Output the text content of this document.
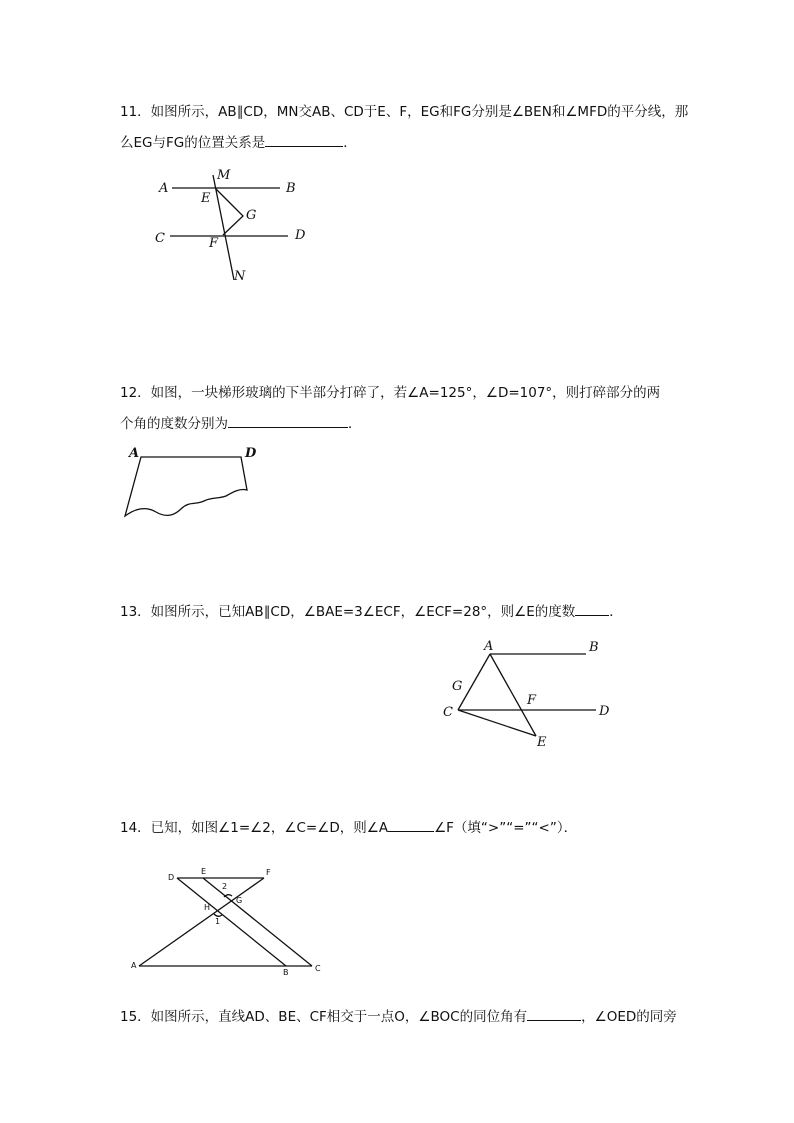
11．如图所示，AB∥CD，MN交AB、CD于E、F，EG和FG分别是∠BEN和∠MFD的平分线，那

么EG与FG的位置关系是	．

A	B
C	D
E
F
G
M
N

12．如图，一块梯形玻璃的下半部分打碎了，若∠A=125°，∠D=107°，则打碎部分的两

个角的度数分别为	．

A	D

13．如图所示，已知AB∥CD，∠BAE=3∠ECF，∠ECF=28°，则∠E的度数	．

A	B
C	D
E
F
G

14．已知，如图∠1=∠2，∠C=∠D，则∠A	∠F（填“>”“=”“<”）．

D
E	F
G
H
2
1
A
B	C

15．如图所示，直线AD、BE、CF相交于一点O，∠BOC的同位角有	，∠OED的同旁
